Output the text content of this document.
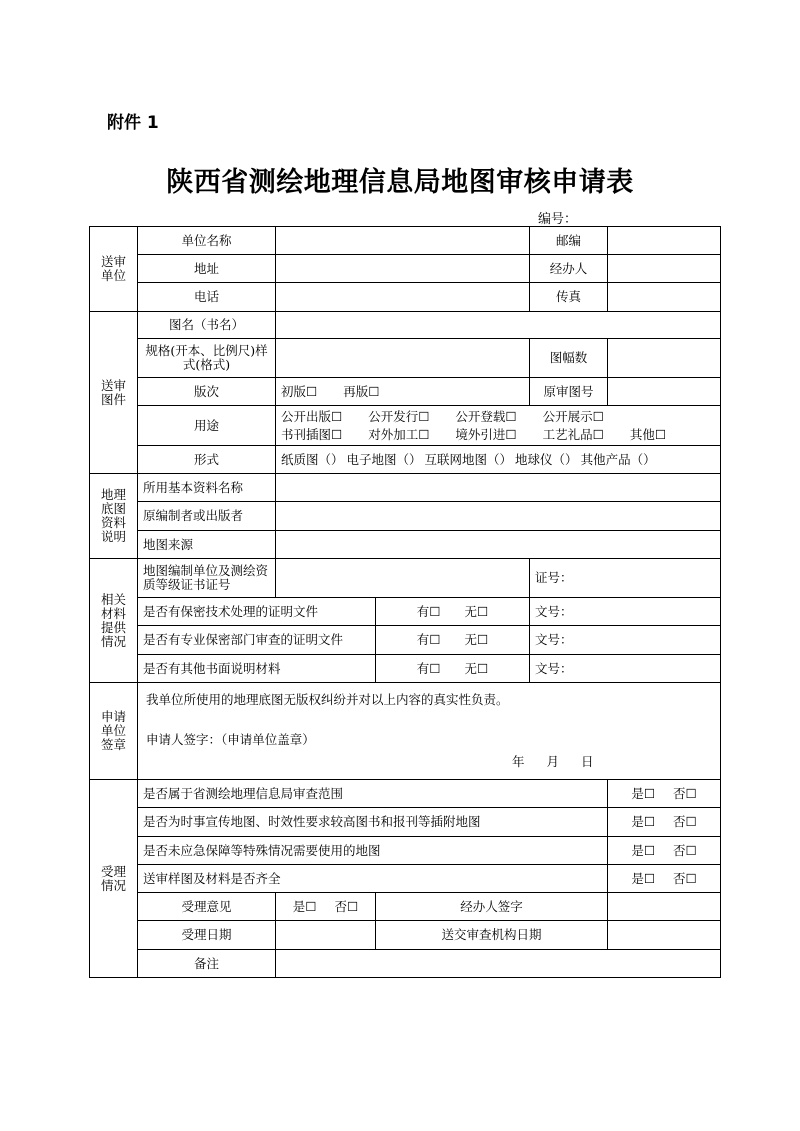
附件 1
陕西省测绘地理信息局地图审核申请表
编号：
送审单位	单位名称			邮编	
	地址			经办人	
	电话			传真	
送审图件	图名（书名）				
	规格(开本、比例尺)样式(格式)			图幅数	
	版次	初版☐ 再版☐		原审图号	
	用途	公开出版☐ 公开发行☐ 公开登载☐ 公开展示☐
书刊插图☐ 对外加工☐ 境外引进☐ 工艺礼品☐ 其他☐			

	形式	纸质图（） 电子地图（） 互联网地图（） 地球仪（） 其他产品（）			
地理底图资料说明	所用基本资料名称				
	原编制者或出版者				
	地图来源				
相关材料提供情况	地图编制单位及测绘资质等级证书证号			证号：	
	是否有保密技术处理的证明文件		有☐ 无☐	文号：	
	是否有专业保密部门审查的证明文件		有☐ 无☐	文号：	
	是否有其他书面说明材料		有☐ 无☐	文号：	
申请单位签章	我单位所使用的地理底图无版权纠纷并对以上内容的真实性负责。
申请人签字：（申请单位盖章）
年 月 日				

受理情况	是否属于省测绘地理信息局审查范围				是☐ 否☐
	是否为时事宣传地图、时效性要求较高图书和报刊等插附地图				是☐ 否☐
	是否未应急保障等特殊情况需要使用的地图				是☐ 否☐
	送审样图及材料是否齐全				是☐ 否☐
	受理意见	是☐ 否☐	经办人签字		
	受理日期		送交审查机构日期		
	备注				
